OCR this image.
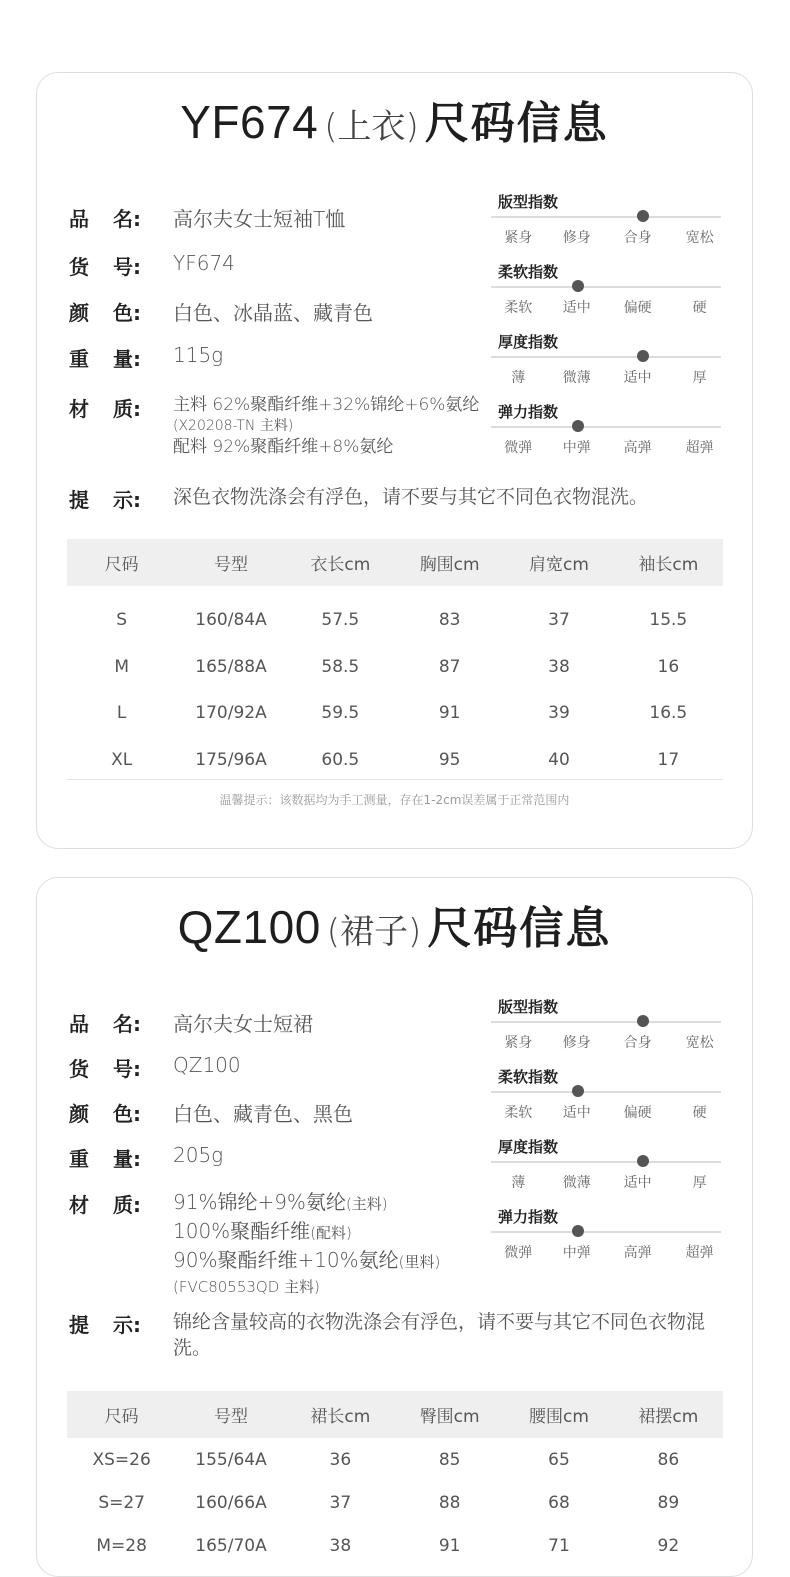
YF674 (上衣) 尺码信息
品 名: 高尔夫女士短袖T恤
货 号: YF674
颜 色: 白色、冰晶蓝、藏青色
重 量: 115g
材 质: 主料 62%聚酯纤维+32%锦纶+6%氨纶
(X20208-TN 主料)
配料 92%聚酯纤维+8%氨纶
版型指数
紧身 修身 合身 宽松
柔软指数
柔软 适中 偏硬	硬
厚度指数
薄	微薄 适中	厚
弹力指数
微弹 中弹 高弹 超弹
提 示: 深色衣物洗涤会有浮色，请不要与其它不同色衣物混洗。
尺码	号型	衣长cm	胸围cm	肩宽cm	袖长cm
S	160/84A	57.5	83	37	15.5
M	165/88A	58.5	87	38	16
L	170/92A	59.5	91	39	16.5
XL	175/96A	60.5	95	40	17
温馨提示：该数据均为手工测量，存在1-2cm误差属于正常范围内
QZ100 (裙子) 尺码信息
品 名: 高尔夫女士短裙
货 号: QZ100
颜 色: 白色、藏青色、黑色
重 量: 205g
材 质: 91%锦纶+9%氨纶(主料)
100%聚酯纤维(配料)
90%聚酯纤维+10%氨纶(里料)
(FVC80553QD 主料)
版型指数
紧身 修身 合身 宽松
柔软指数
柔软 适中 偏硬	硬
厚度指数
薄	微薄 适中	厚
弹力指数
微弹 中弹 高弹 超弹
提 示: 锦纶含量较高的衣物洗涤会有浮色，请不要与其它不同色衣物混洗。
尺码	号型	裙长cm	臀围cm	腰围cm	裙摆cm
XS=26	155/64A	36	85	65	86
S=27	160/66A	37	88	68	89
M=28	165/70A	38	91	71	92
